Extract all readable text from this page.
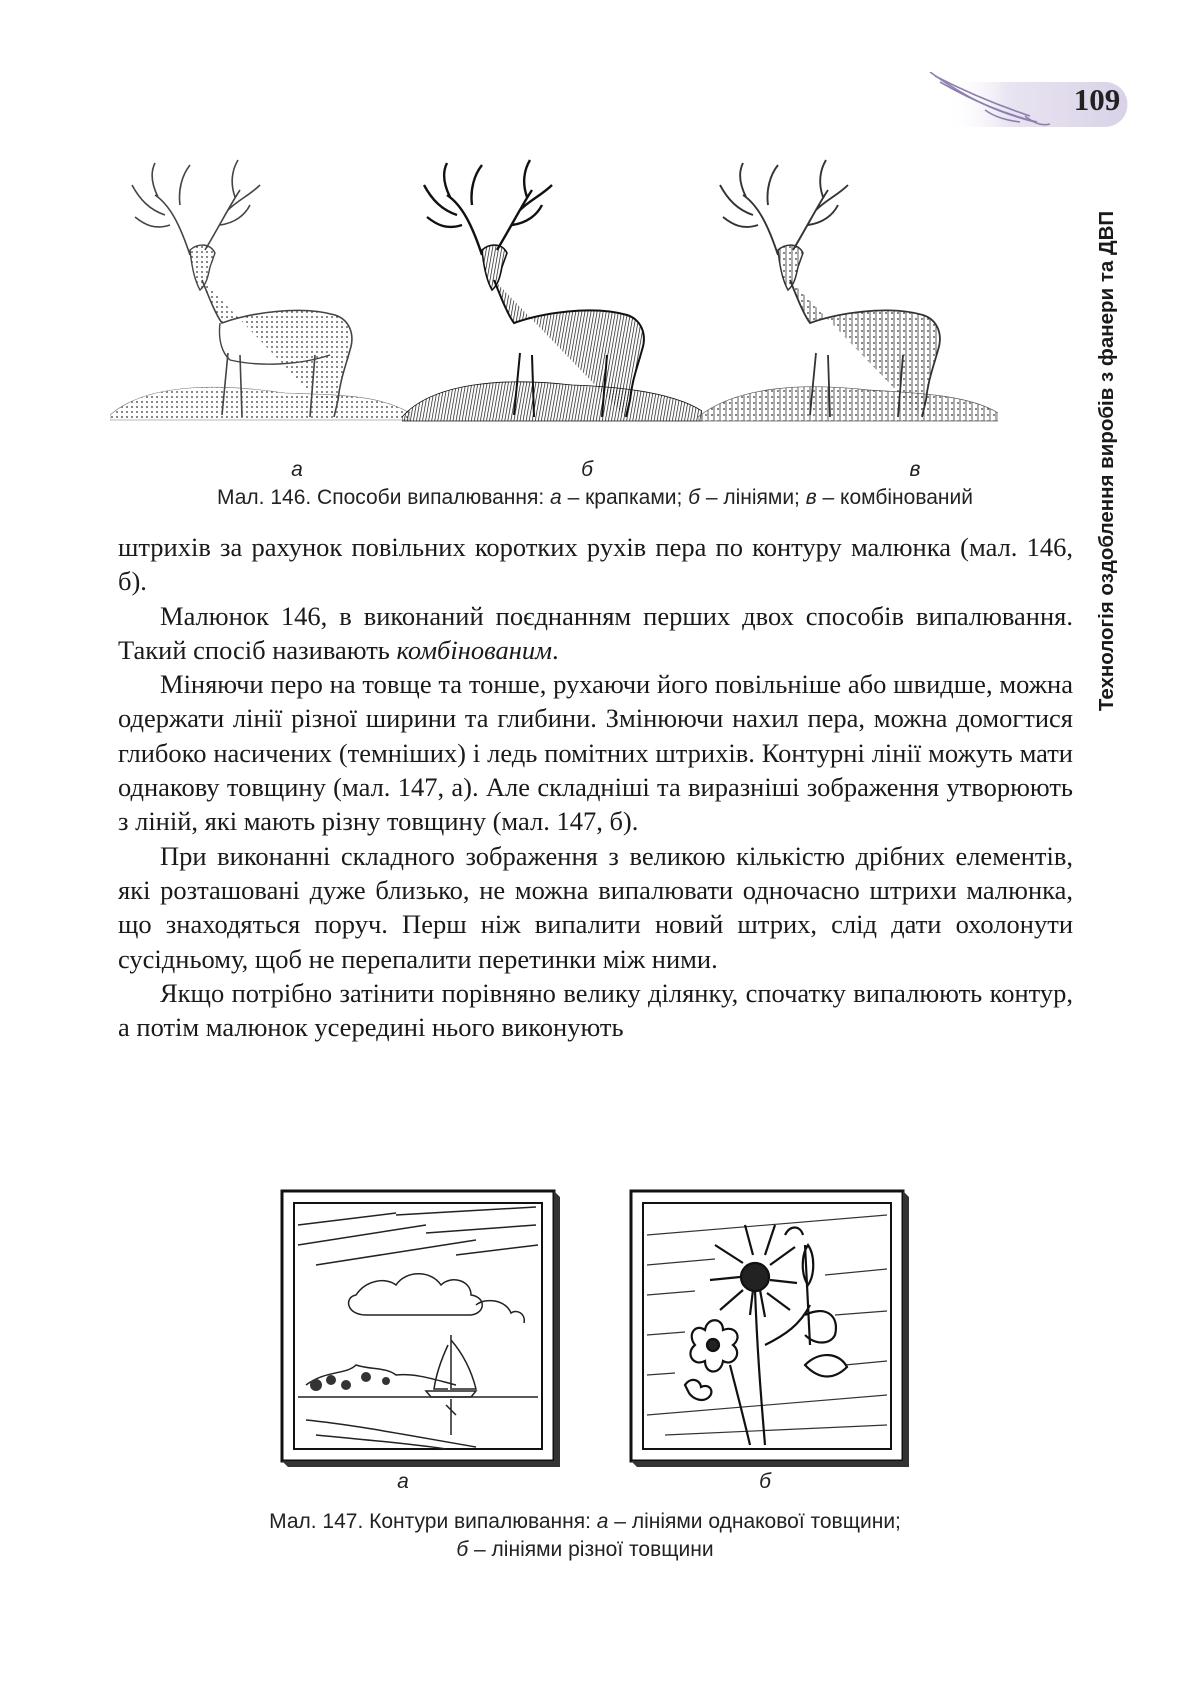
109
Технологія оздоблення виробів з фанери та ДВП
а	б	в
Мал. 146. Способи випалювання: а – крапками; б – лініями; в – комбінований

штрихів за рахунок повільних коротких рухів пера по контуру малюнка (мал. 146, б).

Малюнок 146, в виконаний поєднанням перших двох способів випалювання. Такий спосіб називають комбінованим.

Міняючи перо на товще та тонше, рухаючи його повільніше або швидше, можна одержати лінії різної ширини та глибини. Змінюючи нахил пера, можна домогтися глибоко насичених (темніших) і ледь помітних штрихів. Контурні лінії можуть мати однакову товщину (мал. 147, а). Але складніші та виразніші зображення утворюють з ліній, які мають різну товщину (мал. 147, б).

При виконанні складного зображення з великою кількістю дрібних елементів, які розташовані дуже близько, не можна випалювати одночасно штрихи малюнка, що знаходяться поруч. Перш ніж випалити новий штрих, слід дати охолонути сусідньому, щоб не перепалити перетинки між ними.

Якщо потрібно затінити порівняно велику ділянку, спочатку випалюють контур, а потім малюнок усередині нього виконують

а	б
Мал. 147. Контури випалювання: а – лініями однакової товщини;
б – лініями різної товщини
